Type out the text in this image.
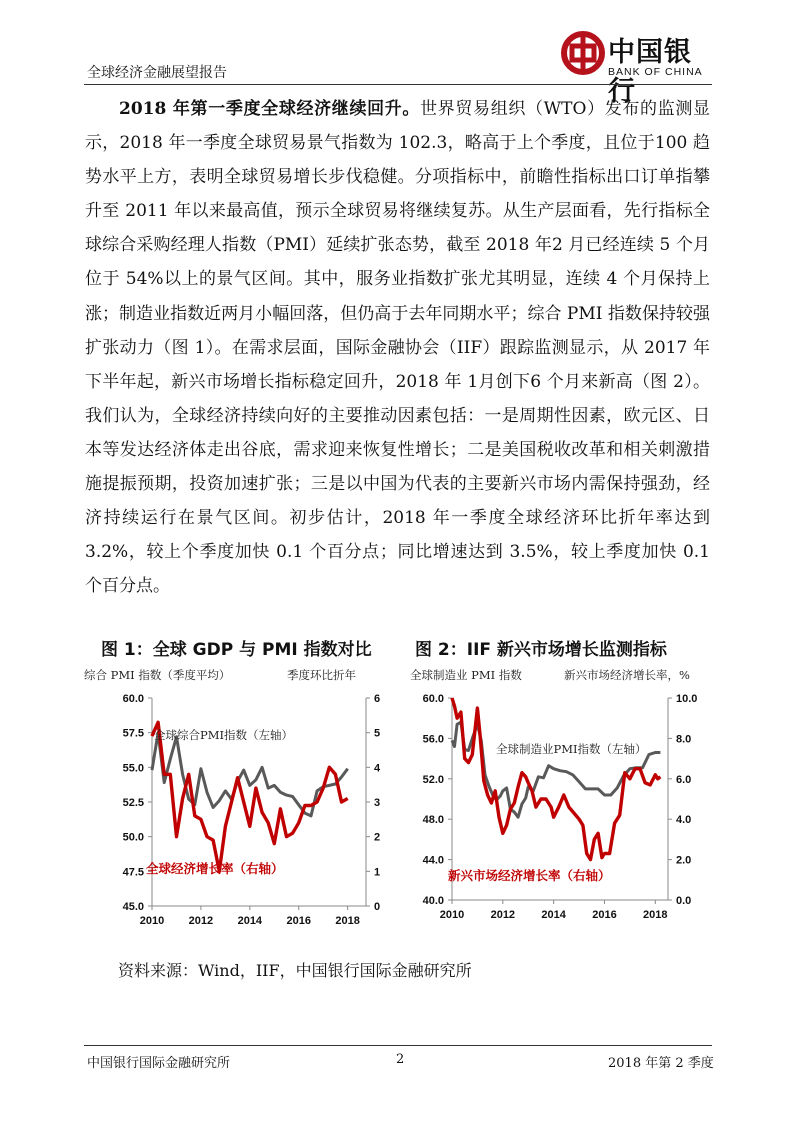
全球经济金融展望报告
中国银行
BANK OF CHINA

2018 年第一季度全球经济继续回升。世界贸易组织（WTO）发布的监测显示，2018 年一季度全球贸易景气指数为 102.3，略高于上个季度，且位于100 趋势水平上方，表明全球贸易增长步伐稳健。分项指标中，前瞻性指标出口订单指攀升至 2011 年以来最高值，预示全球贸易将继续复苏。从生产层面看，先行指标全球综合采购经理人指数（PMI）延续扩张态势，截至 2018 年2 月已经连续 5 个月位于 54%以上的景气区间。其中，服务业指数扩张尤其明显，连续 4 个月保持上涨；制造业指数近两月小幅回落，但仍高于去年同期水平；综合 PMI 指数保持较强扩张动力（图 1）。在需求层面，国际金融协会（IIF）跟踪监测显示，从 2017 年下半年起，新兴市场增长指标稳定回升，2018 年 1月创下6 个月来新高（图 2）。我们认为，全球经济持续向好的主要推动因素包括：一是周期性因素，欧元区、日本等发达经济体走出谷底，需求迎来恢复性增长；二是美国税收改革和相关刺激措施提振预期，投资加速扩张；三是以中国为代表的主要新兴市场内需保持强劲，经济持续运行在景气区间。初步估计，2018 年一季度全球经济环比折年率达到 3.2%，较上个季度加快 0.1 个百分点；同比增速达到 3.5%，较上季度加快 0.1 个百分点。

图 1：全球 GDP 与 PMI 指数对比	图 2：IIF 新兴市场增长监测指标
综合 PMI 指数（季度平均）	季度环比折年
60.0
57.5
55.0
52.5
50.0
47.5
45.0
6
5
4
3
2
1
0
2010 2012 2014 2016 2018
全球综合PMI指数（左轴）
全球经济增长率（右轴）
全球制造业 PMI 指数	新兴市场经济增长率，%
60.0
56.0
52.0
48.0
44.0
40.0
10.0
8.0
6.0
4.0
2.0
0.0
2010 2012 2014 2016 2018
全球制造业PMI指数（左轴）
新兴市场经济增长率（右轴）
资料来源：Wind，IIF，中国银行国际金融研究所
中国银行国际金融研究所	2	2018 年第 2 季度
